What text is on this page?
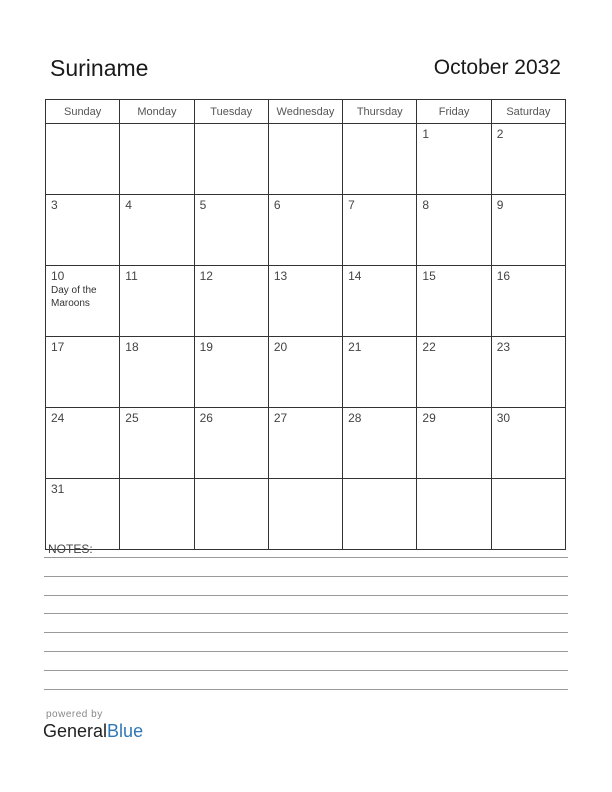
Suriname	October 2032
Sunday	Monday	Tuesday	Wednesday	Thursday	Friday	Saturday

					1	2

3	4	5	6	7	8	9

10
Day of the Maroons	11	12	13	14	15	16

17	18	19	20	21	22	23

24	25	26	27	28	29	30

31						

NOTES:
powered by
GeneralBlue
